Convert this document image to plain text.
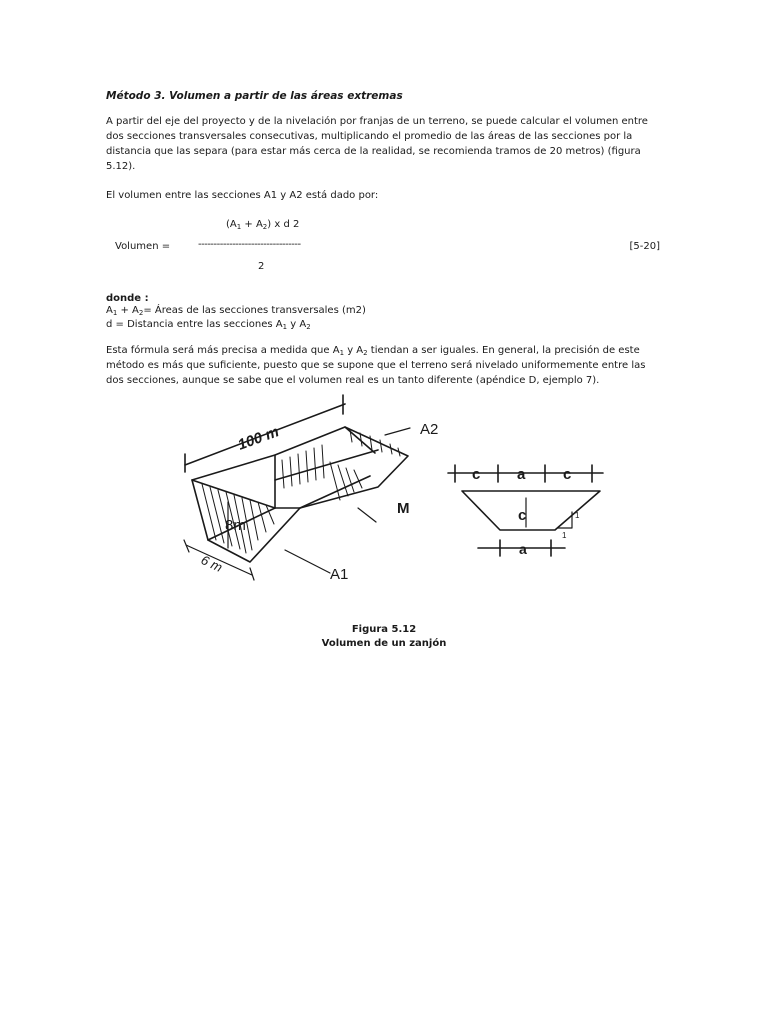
Método 3. Volumen a partir de las áreas extremas

A partir del eje del proyecto y de la nivelación por franjas de un terreno, se puede calcular el volumen entre dos secciones transversales consecutivas, multiplicando el promedio de las áreas de las secciones por la distancia que las separa (para estar más cerca de la realidad, se recomienda tramos de 20 metros) (figura 5.12).

El volumen entre las secciones A1 y A2 está dado por:

$(A_1 + A_2)$ x d 2
Volumen =	---------------------------------
2
[5-20]
donde :
$A_1 + A_2=$ Áreas de las secciones transversales (m2)
d = Distancia entre las secciones $A_1$ y $A_2$

Esta fórmula será más precisa a medida que $A_1$ y $A_2$ tiendan a ser iguales. En general, la precisión de este método es más que suficiente, puesto que se supone que el terreno será nivelado uniformemente entre las dos secciones, aunque se sabe que el volumen real es un tanto diferente (apéndice D, ejemplo 7).

100 m	A2
M
8m
6 m	A1
c a	c
c
a
1
1
Figura 5.12
Volumen de un zanjón
